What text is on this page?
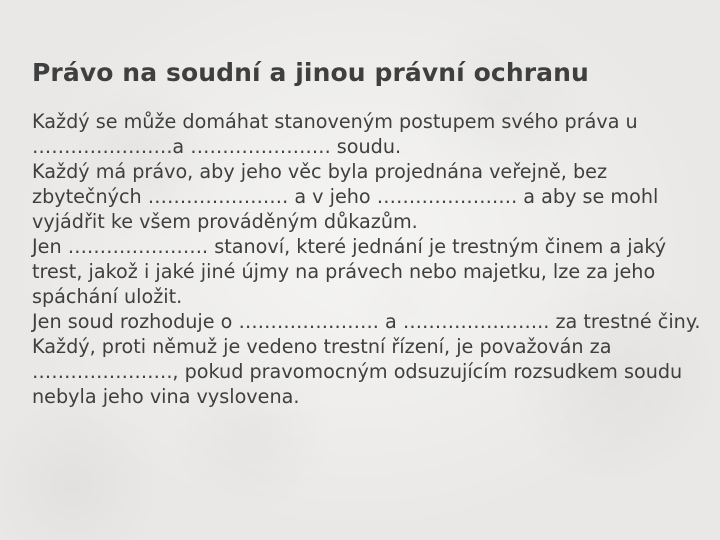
Právo na soudní a jinou právní ochranu

Každý se může domáhat stanoveným postupem svého práva u ………………….a …………………. soudu.

Každý má právo, aby jeho věc byla projednána veřejně, bez zbytečných …………………. a v jeho …………………. a aby se mohl vyjádřit ke všem prováděným důkazům.

Jen …………………. stanoví, které jednání je trestným činem a jaký trest, jakož i jaké jiné újmy na právech nebo majetku, lze za jeho spáchání uložit.

Jen soud rozhoduje o …………………. a ………………….. za trestné činy.

Každý, proti němuž je vedeno trestní řízení, je považován za …………………., pokud pravomocným odsuzujícím rozsudkem soudu nebyla jeho vina vyslovena.
